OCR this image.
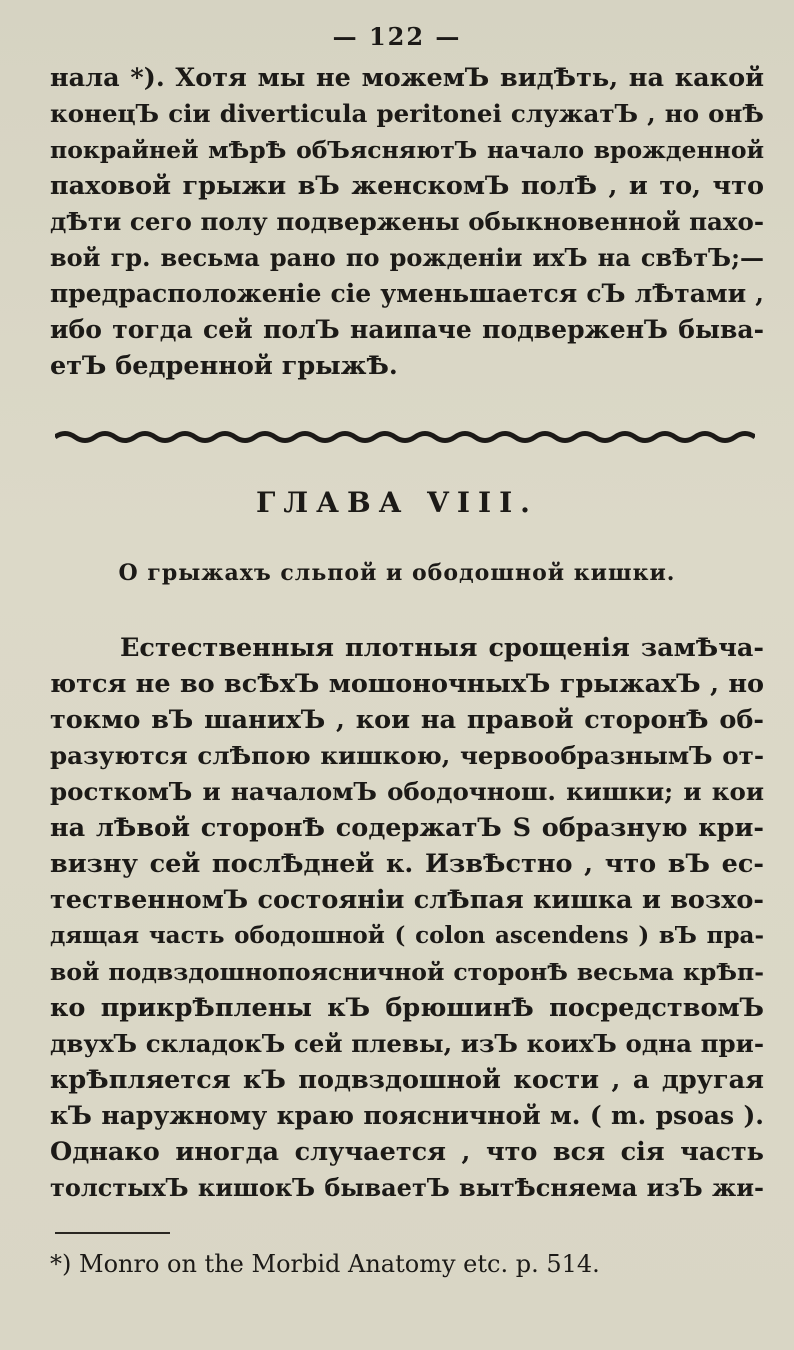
— 122 —
нала *). Хотя мы не можемЪ видѢть, на какой
конецЪ сіи diverticula peritonei служатЪ , но онѢ
покрайней мѢрѢ обЪясняютЪ начало врожденной
паховой грыжи вЪ женскомЪ полѢ , и то, что
дѢти сего полу подвержены обыкновенной пахо-
вой гр. весьма рано по рожденіи ихЪ на свѢтЪ;—
предрасположеніе сіе уменьшается сЪ лѢтами ,
ибо тогда сей полЪ наипаче подверженЪ быва-
етЪ бедренной грыжѢ.
ГЛАВА VIII.
О грыжахъ сльпой и ободошной кишки.
Естественныя плотныя срощенія замѢча-
ются не во всѢхЪ мошоночныхЪ грыжахЪ , но
токмо вЪ шанихЪ , кои на правой сторонѢ об-
разуются слѢпою кишкою, червообразнымЪ от-
росткомЪ и началомЪ ободочнош. кишки; и кои
на лѢвой сторонѢ содержатЪ S образную кри-
визну сей послѢдней к. ИзвѢстно , что вЪ ес-
тественномЪ состояніи слѢпая кишка и возхо-
дящая часть ободошной ( colon ascendens ) вЪ пра-
вой подвздошнопоясничной сторонѢ весьма крѢп-
ко прикрѢплены кЪ брюшинѢ посредствомЪ
двухЪ складокЪ сей плевы, изЪ коихЪ одна при-
крѢпляется кЪ подвздошной кости , а другая
кЪ наружному краю поясничной м. ( m. psoas ).
Однако иногда случается , что вся сія часть
толстыхЪ кишокЪ бываетЪ вытѢсняема изЪ жи-
*) Monro on the Morbid Anatomy etc. p. 514.
